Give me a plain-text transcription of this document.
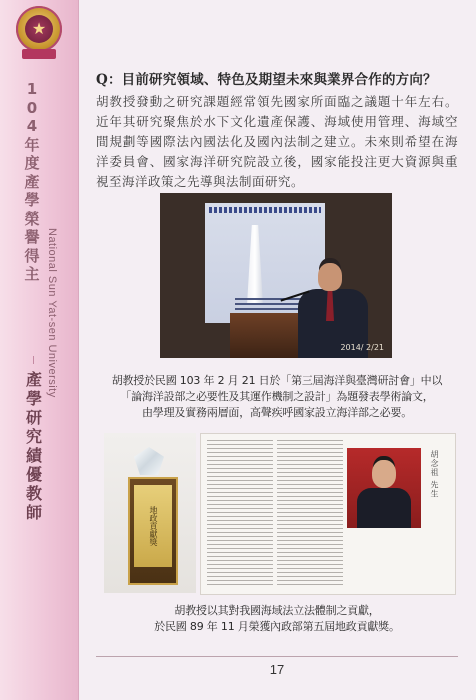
★
104年度產學榮譽得主 National Sun Yat-sen University
產學研究績優教師
Q：目前研究領域、特色及期望未來與業界合作的方向？

胡教授發動之研究課題經常領先國家所面臨之議題十年左右。近年其研究聚焦於水下文化遺產保護、海域使用管理、海域空間規劃等國際法內國法化及國內法制之建立。未來則希望在海洋委員會、國家海洋研究院設立後，國家能投注更大資源與重視至海洋政策之先導與法制面研究。

2014/ 2/21

胡教授於民國 103 年 2 月 21 日於「第三屆海洋與臺灣研討會」中以

「論海洋設部之必要性及其運作機制之設計」為題發表學術論文，

由學理及實務兩層面，高聲疾呼國家設立海洋部之必要。

地政貢獻獎
胡念祖 先生

胡教授以其對我國海域法立法體制之貢獻，

於民國 89 年 11 月榮獲內政部第五屆地政貢獻獎。

17
